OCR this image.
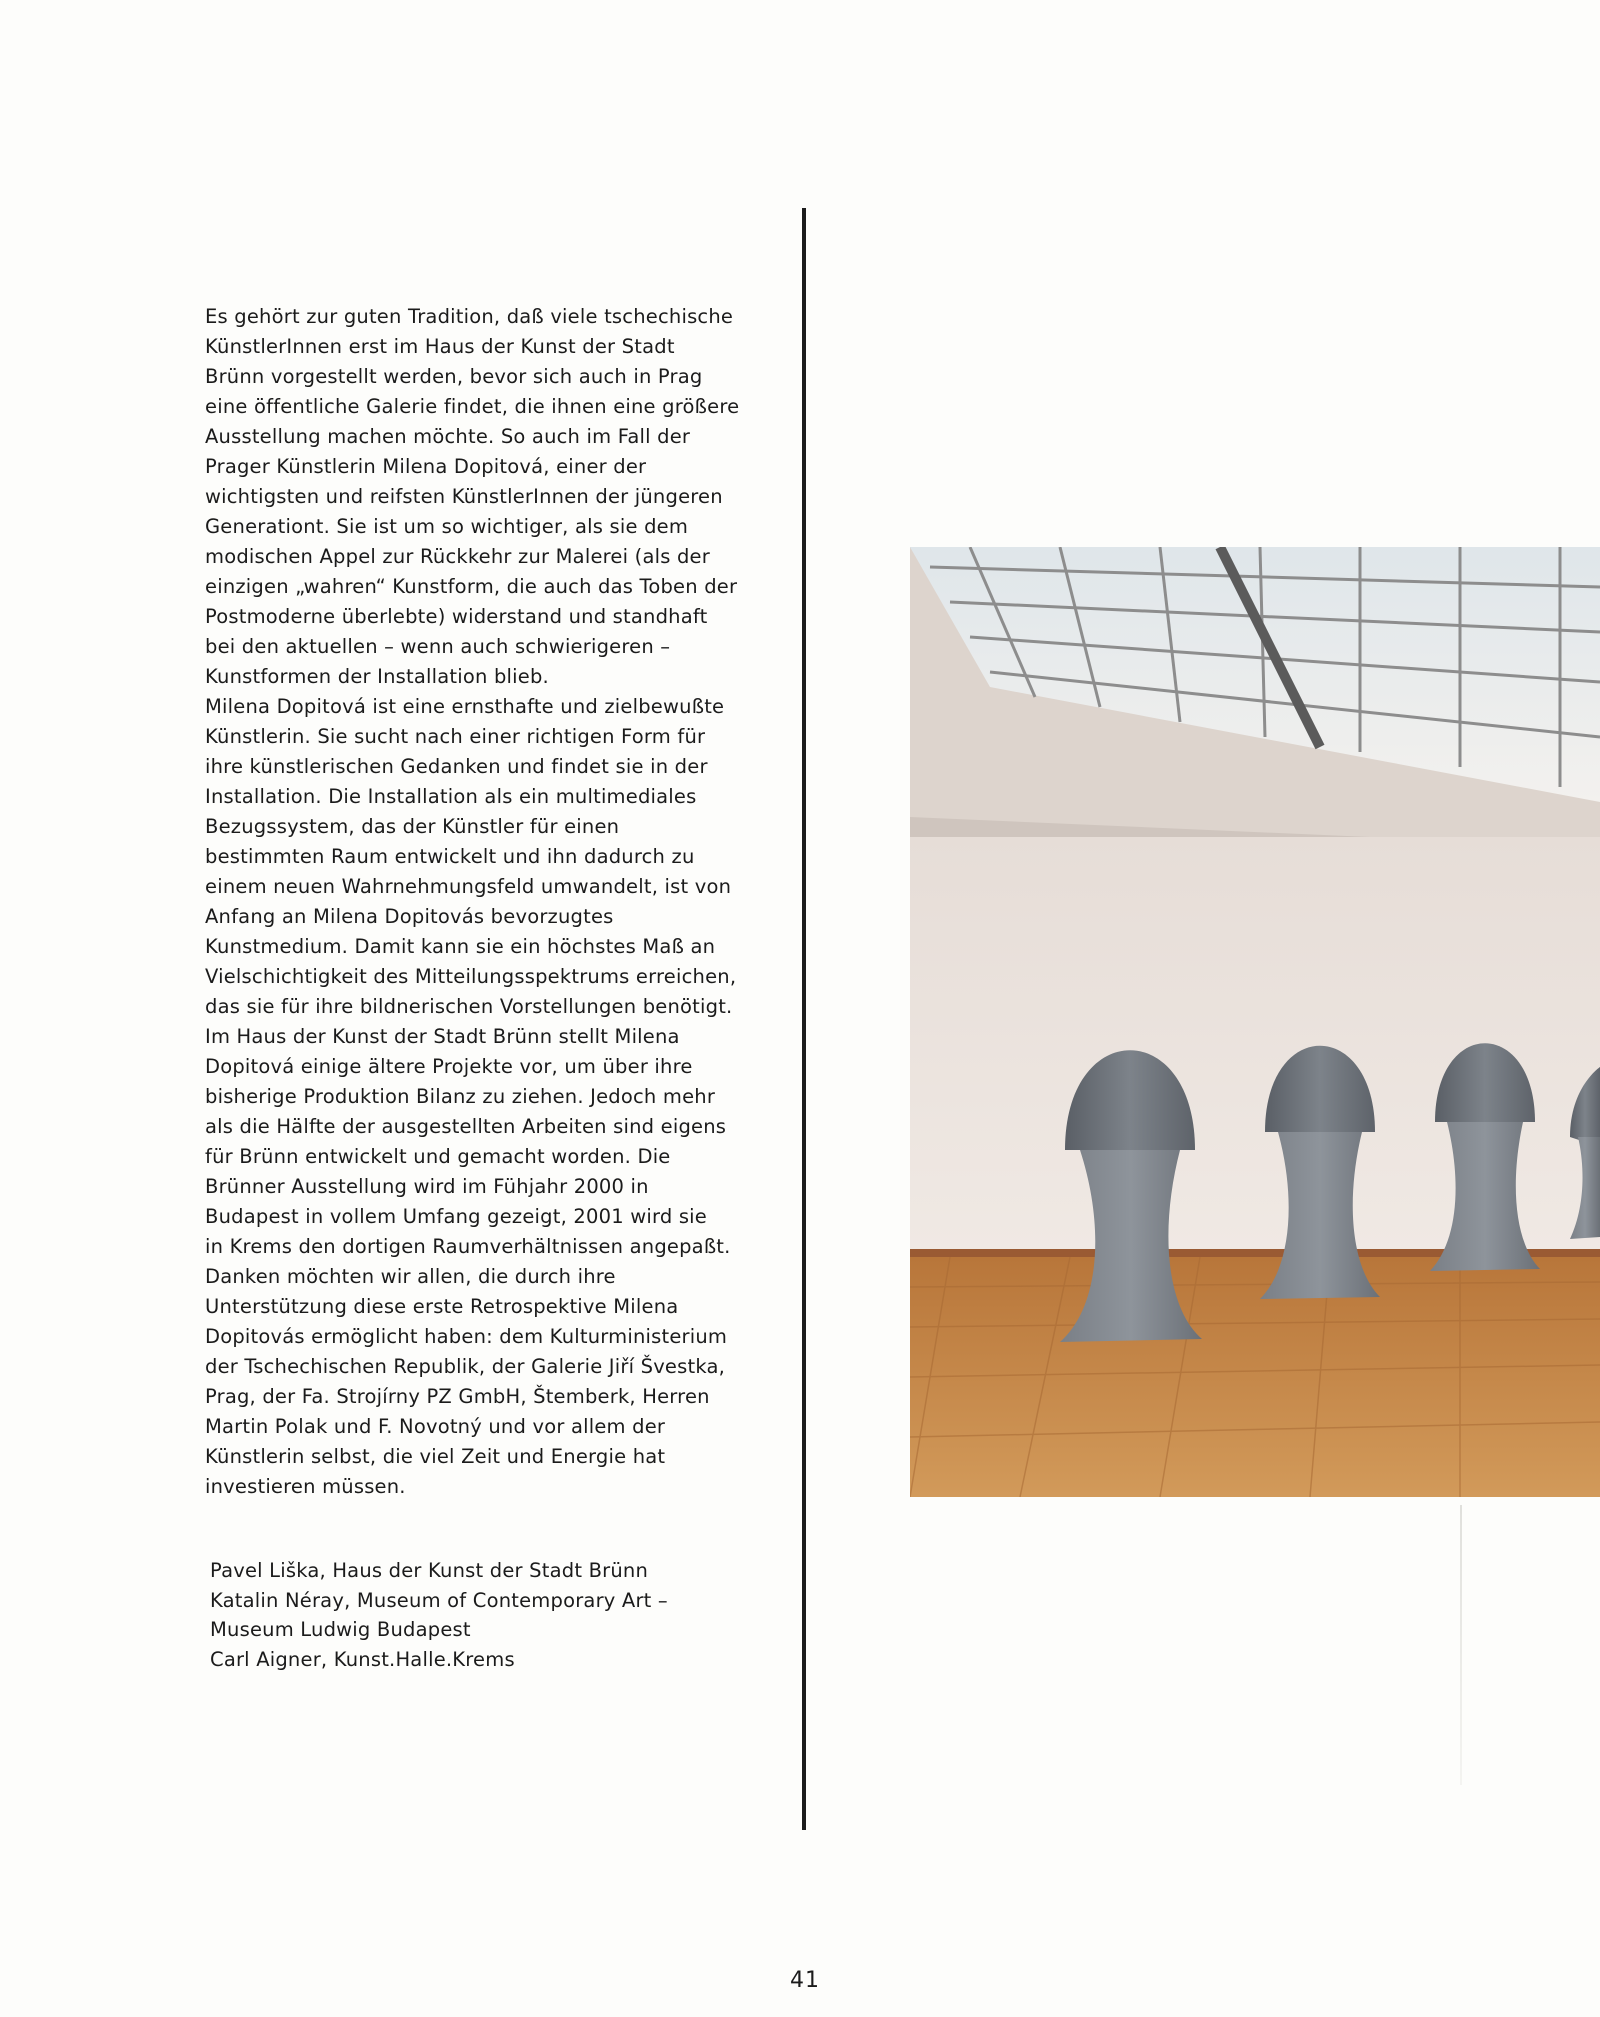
Es gehört zur guten Tradition, daß viele tschechische
KünstlerInnen erst im Haus der Kunst der Stadt
Brünn vorgestellt werden, bevor sich auch in Prag
eine öffentliche Galerie findet, die ihnen eine größere
Ausstellung machen möchte. So auch im Fall der
Prager Künstlerin Milena Dopitová, einer der
wichtigsten und reifsten KünstlerInnen der jüngeren
Generationt. Sie ist um so wichtiger, als sie dem
modischen Appel zur Rückkehr zur Malerei (als der
einzigen „wahren“ Kunstform, die auch das Toben der
Postmoderne überlebte) widerstand und standhaft
bei den aktuellen – wenn auch schwierigeren –
Kunstformen der Installation blieb.
Milena Dopitová ist eine ernsthafte und zielbewußte
Künstlerin. Sie sucht nach einer richtigen Form für
ihre künstlerischen Gedanken und findet sie in der
Installation. Die Installation als ein multimediales
Bezugssystem, das der Künstler für einen
bestimmten Raum entwickelt und ihn dadurch zu
einem neuen Wahrnehmungsfeld umwandelt, ist von
Anfang an Milena Dopitovás bevorzugtes
Kunstmedium. Damit kann sie ein höchstes Maß an
Vielschichtigkeit des Mitteilungsspektrums erreichen,
das sie für ihre bildnerischen Vorstellungen benötigt.
Im Haus der Kunst der Stadt Brünn stellt Milena
Dopitová einige ältere Projekte vor, um über ihre
bisherige Produktion Bilanz zu ziehen. Jedoch mehr
als die Hälfte der ausgestellten Arbeiten sind eigens
für Brünn entwickelt und gemacht worden. Die
Brünner Ausstellung wird im Fühjahr 2000 in
Budapest in vollem Umfang gezeigt, 2001 wird sie
in Krems den dortigen Raumverhältnissen angepaßt.
Danken möchten wir allen, die durch ihre
Unterstützung diese erste Retrospektive Milena
Dopitovás ermöglicht haben: dem Kulturministerium
der Tschechischen Republik, der Galerie Jiří Švestka,
Prag, der Fa. Strojírny PZ GmbH, Štemberk, Herren
Martin Polak und F. Novotný und vor allem der
Künstlerin selbst, die viel Zeit und Energie hat
investieren müssen.
Pavel Liška, Haus der Kunst der Stadt Brünn
Katalin Néray, Museum of Contemporary Art –
Museum Ludwig Budapest
Carl Aigner, Kunst.Halle.Krems
41
